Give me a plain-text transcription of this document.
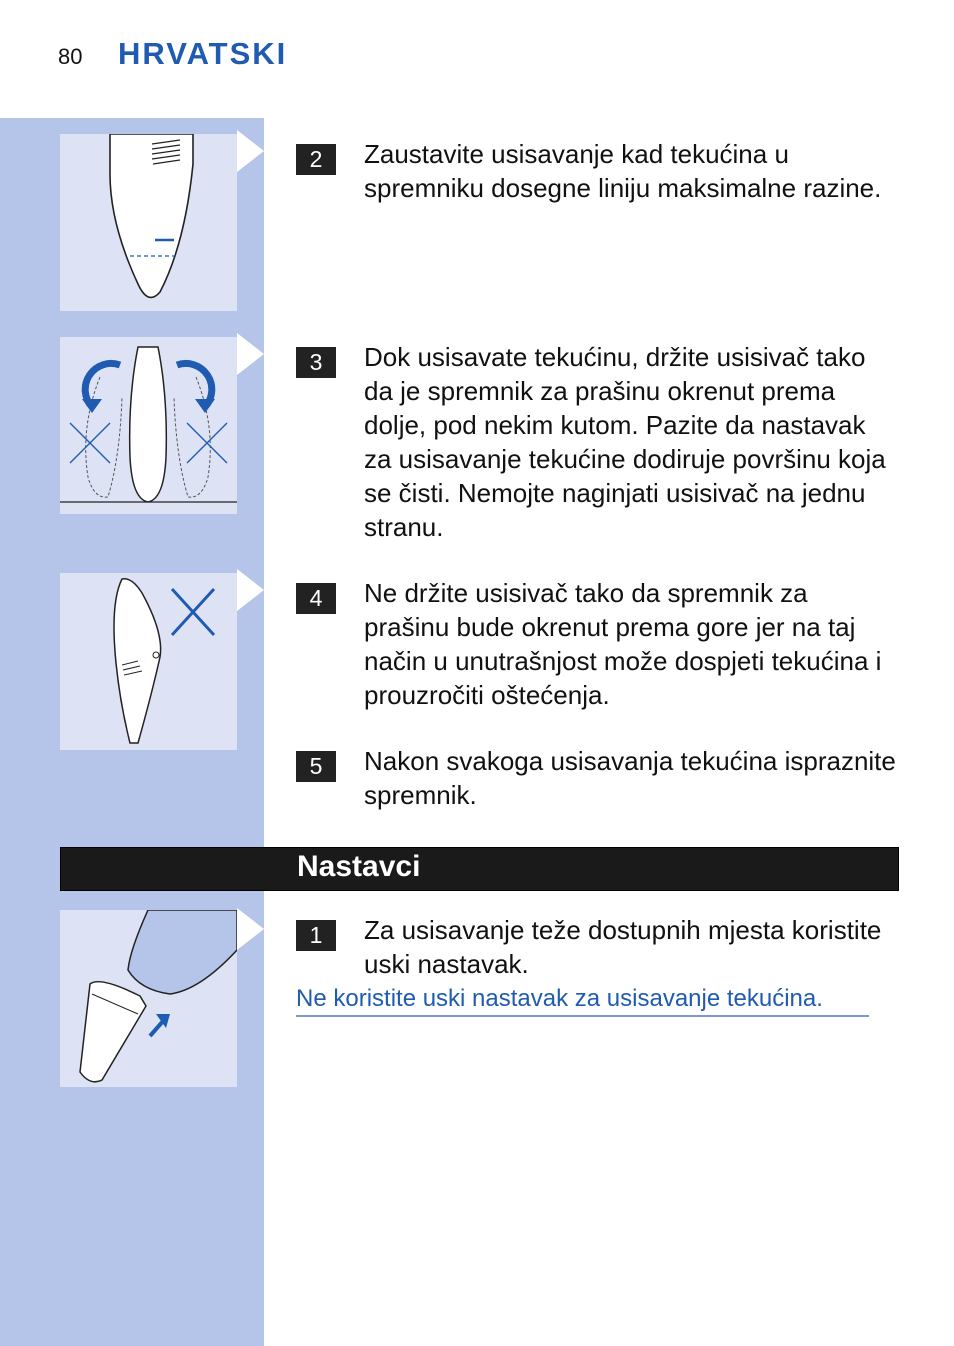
80 HRVATSKI
2	Zaustavite usisavanje kad tekućina u spremniku dosegne liniju maksimalne razine.
3	Dok usisavate tekućinu, držite usisivač tako da je spremnik za prašinu okrenut prema dolje, pod nekim kutom. Pazite da nastavak za usisavanje tekućine dodiruje površinu koja se čisti. Nemojte naginjati usisivač na jednu stranu.
4	Ne držite usisivač tako da spremnik za prašinu bude okrenut prema gore jer na taj način u unutrašnjost može dospjeti tekućina i prouzročiti oštećenja.
5	Nakon svakoga usisavanja tekućina ispraznite spremnik.
Nastavci
1	Za usisavanje teže dostupnih mjesta koristite uski nastavak.
Ne koristite uski nastavak za usisavanje tekućina.
